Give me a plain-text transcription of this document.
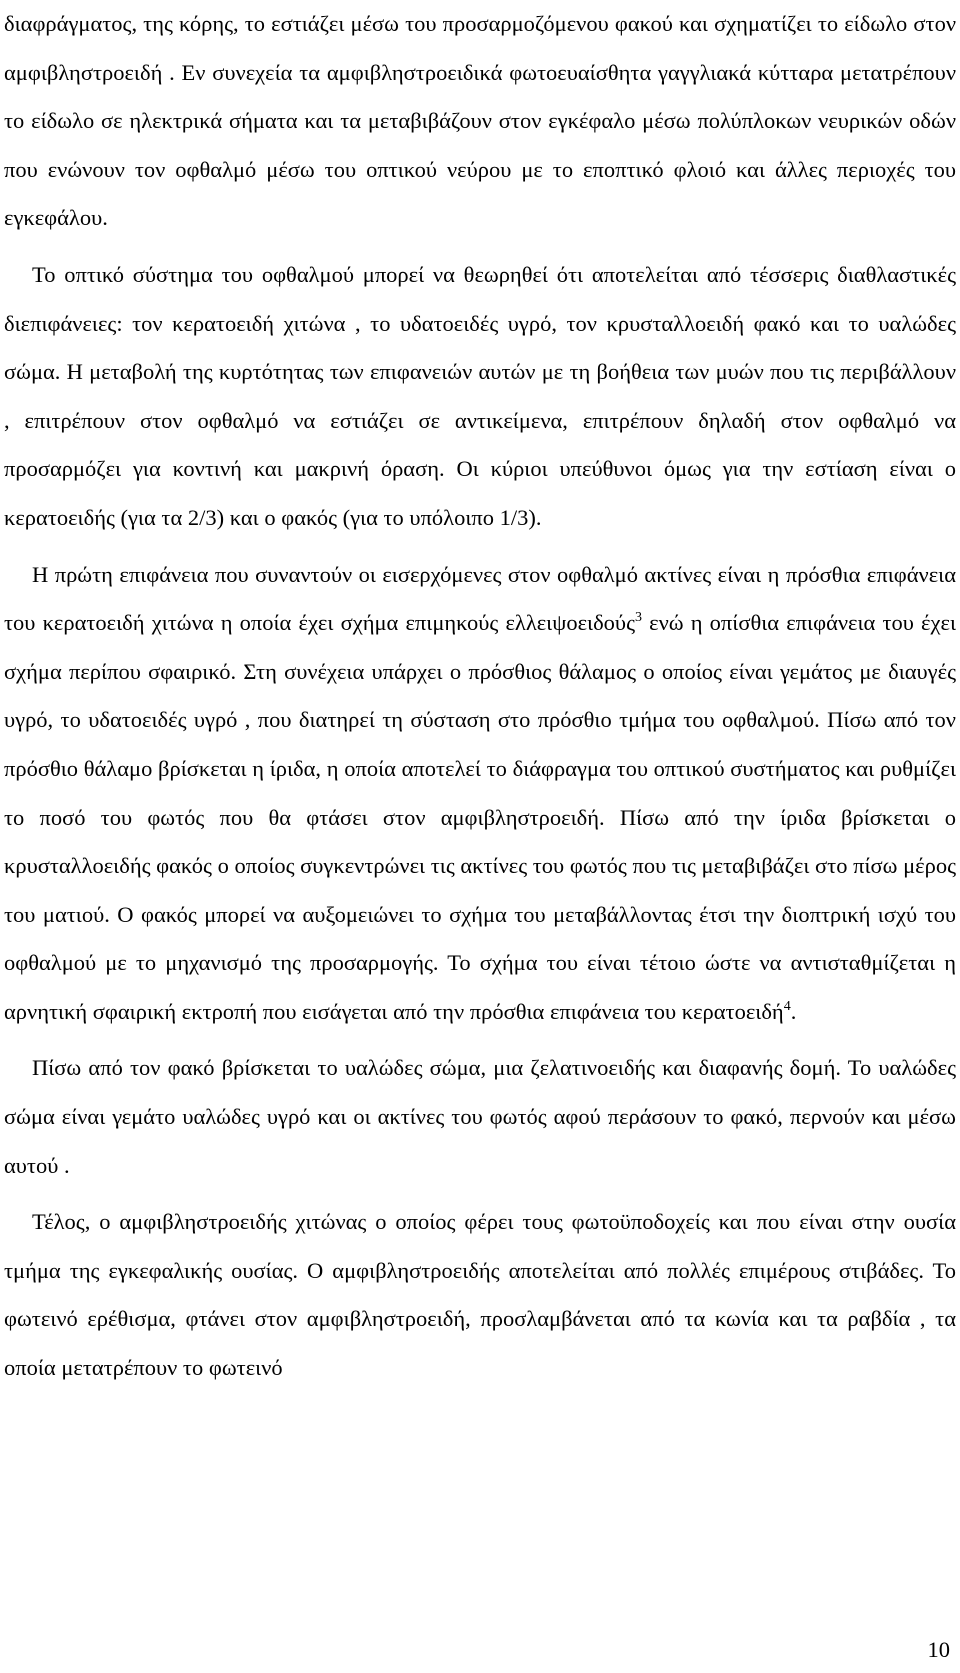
διαφράγματος, της κόρης, το εστιάζει μέσω του προσαρμοζόμενου φακού και σχηματίζει το είδωλο στον αμφιβληστροειδή . Εν συνεχεία τα αμφιβληστροειδικά φωτοευαίσθητα γαγγλιακά κύτταρα μετατρέπουν το είδωλο σε ηλεκτρικά σήματα και τα μεταβιβάζουν στον εγκέφαλο μέσω πολύπλοκων νευρικών οδών που ενώνουν τον οφθαλμό μέσω του οπτικού νεύρου με το εποπτικό φλοιό και άλλες περιοχές του εγκεφάλου.

Το οπτικό σύστημα του οφθαλμού μπορεί να θεωρηθεί ότι αποτελείται από τέσσερις διαθλαστικές διεπιφάνειες: τον κερατοειδή χιτώνα , το υδατοειδές υγρό, τον κρυσταλλοειδή φακό και το υαλώδες σώμα. Η μεταβολή της κυρτότητας των επιφανειών αυτών με τη βοήθεια των μυών που τις περιβάλλουν , επιτρέπουν στον οφθαλμό να εστιάζει σε αντικείμενα, επιτρέπουν δηλαδή στον οφθαλμό να προσαρμόζει για κοντινή και μακρινή όραση. Οι κύριοι υπεύθυνοι όμως για την εστίαση είναι ο κερατοειδής (για τα 2/3) και ο φακός (για το υπόλοιπο 1/3).

Η πρώτη επιφάνεια που συναντούν οι εισερχόμενες στον οφθαλμό ακτίνες είναι η πρόσθια επιφάνεια του κερατοειδή χιτώνα η οποία έχει σχήμα επιμηκούς ελλειψοειδούς$^3$ ενώ η οπίσθια επιφάνεια του έχει σχήμα περίπου σφαιρικό. Στη συνέχεια υπάρχει ο πρόσθιος θάλαμος ο οποίος είναι γεμάτος με διαυγές υγρό, το υδατοειδές υγρό , που διατηρεί τη σύσταση στο πρόσθιο τμήμα του οφθαλμού. Πίσω από τον πρόσθιο θάλαμο βρίσκεται η ίριδα, η οποία αποτελεί το διάφραγμα του οπτικού συστήματος και ρυθμίζει το ποσό του φωτός που θα φτάσει στον αμφιβληστροειδή. Πίσω από την ίριδα βρίσκεται ο κρυσταλλοειδής φακός ο οποίος συγκεντρώνει τις ακτίνες του φωτός που τις μεταβιβάζει στο πίσω μέρος του ματιού. Ο φακός μπορεί να αυξομειώνει το σχήμα του μεταβάλλοντας έτσι την διοπτρική ισχύ του οφθαλμού με το μηχανισμό της προσαρμογής. Το σχήμα του είναι τέτοιο ώστε να αντισταθμίζεται η αρνητική σφαιρική εκτροπή που εισάγεται από την πρόσθια επιφάνεια του κερατοειδή$^4$.

Πίσω από τον φακό βρίσκεται το υαλώδες σώμα, μια ζελατινοειδής και διαφανής δομή. Το υαλώδες σώμα είναι γεμάτο υαλώδες υγρό και οι ακτίνες του φωτός αφού περάσουν το φακό, περνούν και μέσω αυτού .

Τέλος, ο αμφιβληστροειδής χιτώνας ο οποίος φέρει τους φωτοϋποδοχείς και που είναι στην ουσία τμήμα της εγκεφαλικής ουσίας. Ο αμφιβληστροειδής αποτελείται από πολλές επιμέρους στιβάδες. Το φωτεινό ερέθισμα, φτάνει στον αμφιβληστροειδή, προσλαμβάνεται από τα κωνία και τα ραβδία , τα οποία μετατρέπουν το φωτεινό

10
